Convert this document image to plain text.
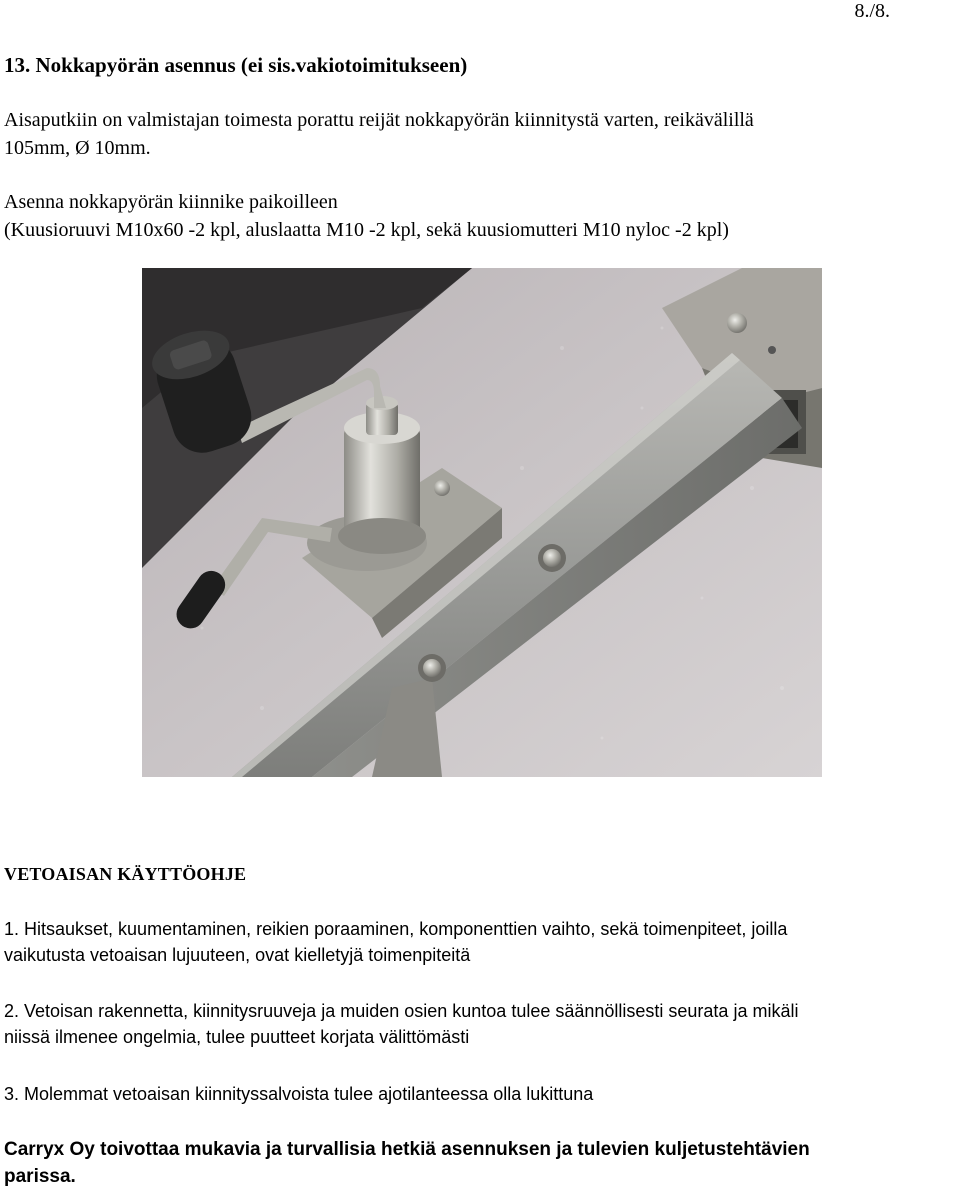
8./8.
13. Nokkapyörän asennus (ei sis.vakiotoimitukseen)
Aisaputkiin on valmistajan toimesta porattu reijät nokkapyörän kiinnitystä varten, reikävälillä
105mm, Ø 10mm.
Asenna nokkapyörän kiinnike paikoilleen
(Kuusioruuvi M10x60 -2 kpl, aluslaatta M10 -2 kpl, sekä kuusiomutteri M10 nyloc -2 kpl)
VETOAISAN KÄYTTÖOHJE
1. Hitsaukset, kuumentaminen, reikien poraaminen, komponenttien vaihto, sekä toimenpiteet, joilla
vaikutusta vetoaisan lujuuteen, ovat kielletyjä toimenpiteitä
2. Vetoisan rakennetta, kiinnitysruuveja ja muiden osien kuntoa tulee säännöllisesti seurata ja mikäli
niissä ilmenee ongelmia, tulee puutteet korjata välittömästi
3. Molemmat vetoaisan kiinnityssalvoista tulee ajotilanteessa olla lukittuna
Carryx Oy toivottaa mukavia ja turvallisia hetkiä asennuksen ja tulevien kuljetustehtävien
parissa.
